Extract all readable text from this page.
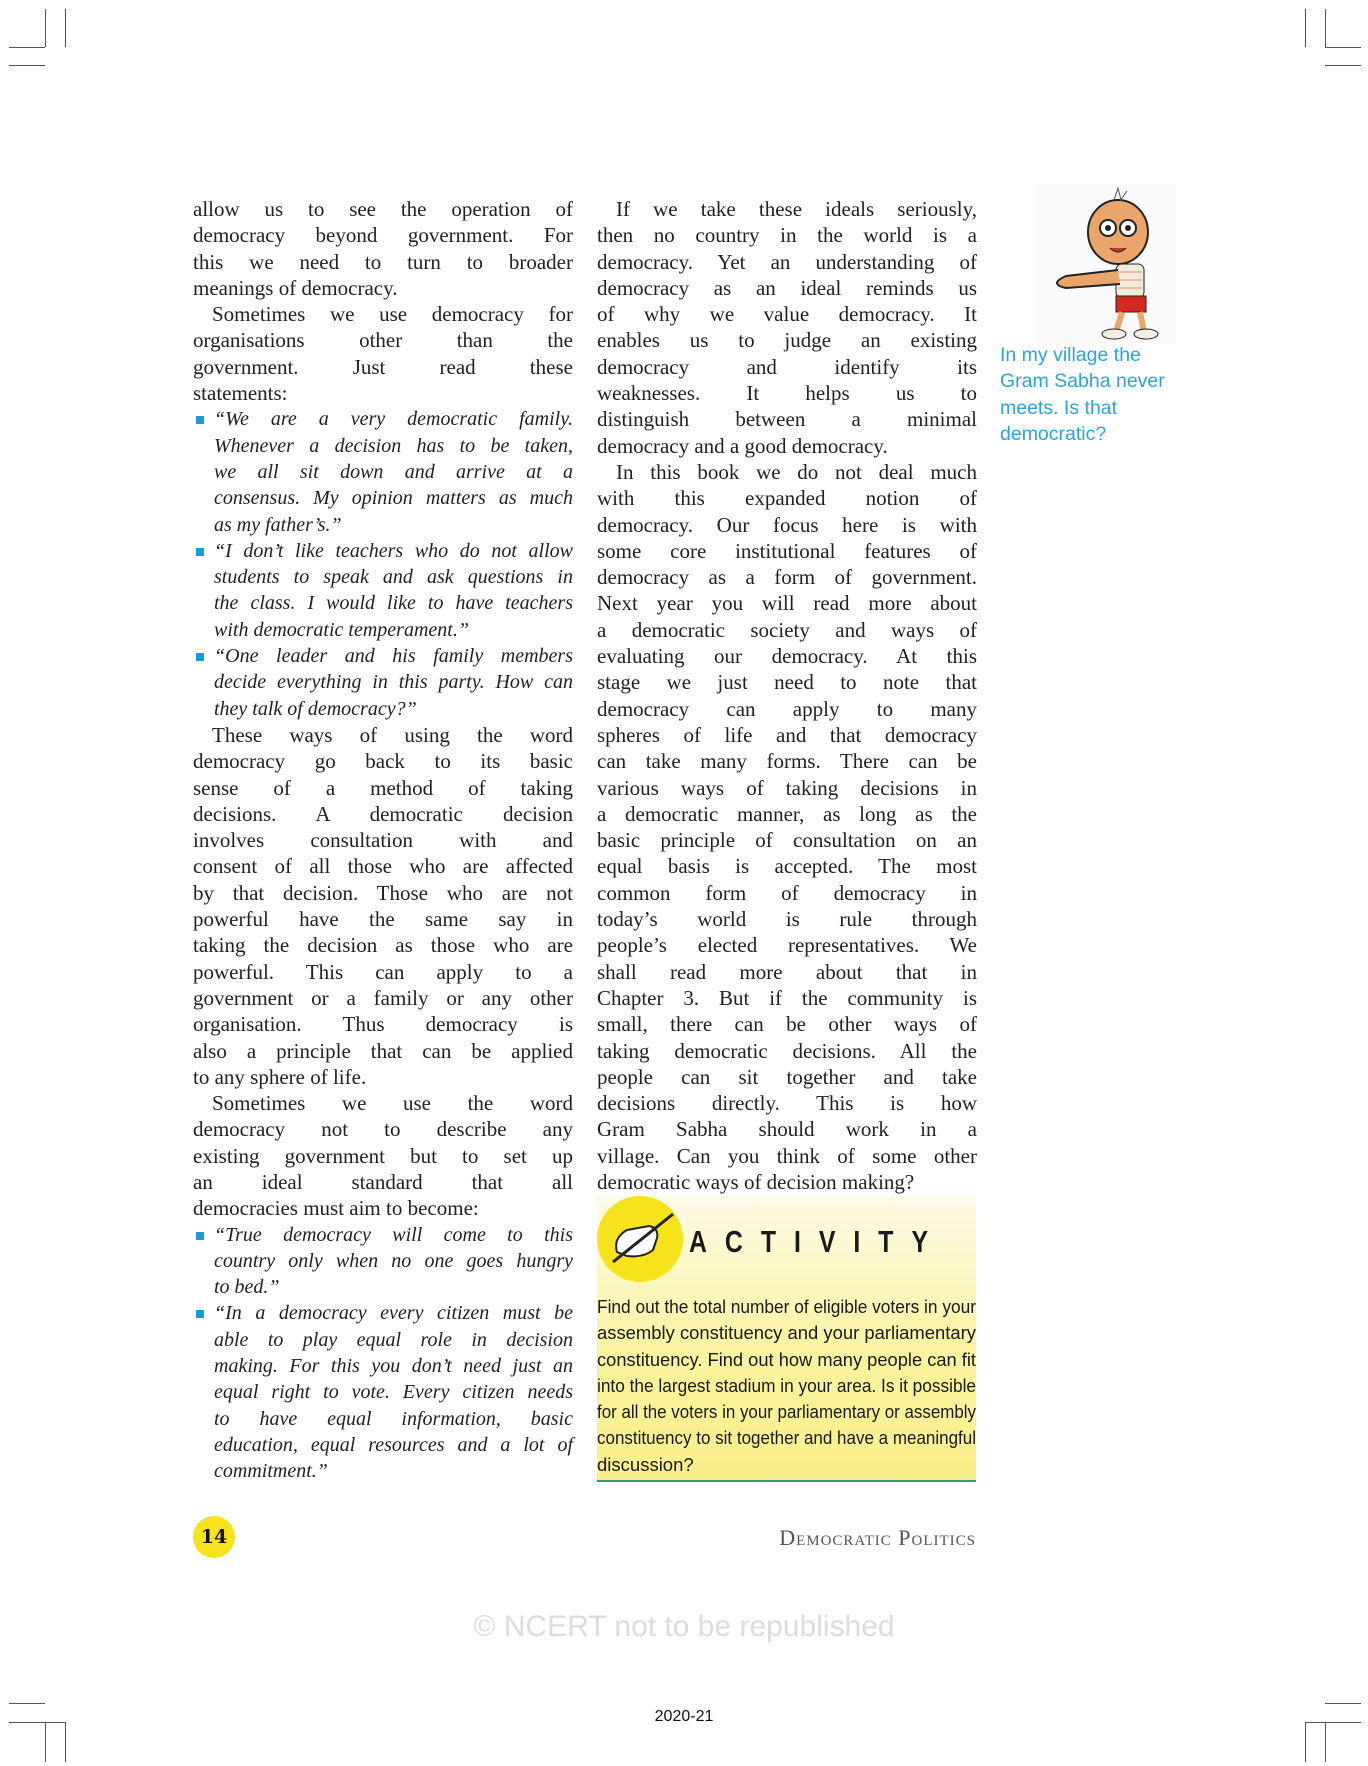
© NCERT not to be republished
allow us to see the operation of
democracy beyond government. For
this we need to turn to broader
meanings of democracy.
Sometimes we use democracy for
organisations other than the
government. Just read these
statements:
“We are a very democratic family.
Whenever a decision has to be taken,
we all sit down and arrive at a
consensus. My opinion matters as much
as my father’s.”
“I don’t like teachers who do not allow
students to speak and ask questions in
the class. I would like to have teachers
with democratic temperament.”
“One leader and his family members
decide everything in this party. How can
they talk of democracy?”
These ways of using the word
democracy go back to its basic
sense of a method of taking
decisions. A democratic decision
involves consultation with and
consent of all those who are affected
by that decision. Those who are not
powerful have the same say in
taking the decision as those who are
powerful. This can apply to a
government or a family or any other
organisation. Thus democracy is
also a principle that can be applied
to any sphere of life.
Sometimes we use the word
democracy not to describe any
existing government but to set up
an ideal standard that all
democracies must aim to become:
“True democracy will come to this
country only when no one goes hungry
to bed.”
“In a democracy every citizen must be
able to play equal role in decision
making. For this you don’t need just an
equal right to vote. Every citizen needs
to have equal information, basic
education, equal resources and a lot of
commitment.”
If we take these ideals seriously,
then no country in the world is a
democracy. Yet an understanding of
democracy as an ideal reminds us
of why we value democracy. It
enables us to judge an existing
democracy and identify its
weaknesses. It helps us to
distinguish between a minimal
democracy and a good democracy.
In this book we do not deal much
with this expanded notion of
democracy. Our focus here is with
some core institutional features of
democracy as a form of government.
Next year you will read more about
a democratic society and ways of
evaluating our democracy. At this
stage we just need to note that
democracy can apply to many
spheres of life and that democracy
can take many forms. There can be
various ways of taking decisions in
a democratic manner, as long as the
basic principle of consultation on an
equal basis is accepted. The most
common form of democracy in
today’s world is rule through
people’s elected representatives. We
shall read more about that in
Chapter 3. But if the community is
small, there can be other ways of
taking democratic decisions. All the
people can sit together and take
decisions directly. This is how
Gram Sabha should work in a
village. Can you think of some other
democratic ways of decision making?
In my village the
Gram Sabha never
meets. Is that
democratic?
ACTIVITY
Find out the total number of eligible voters in your
assembly constituency and your parliamentary
constituency. Find out how many people can fit
into the largest stadium in your area. Is it possible
for all the voters in your parliamentary or assembly
constituency to sit together and have a meaningful
discussion?
14	Democratic Politics
2020-21
